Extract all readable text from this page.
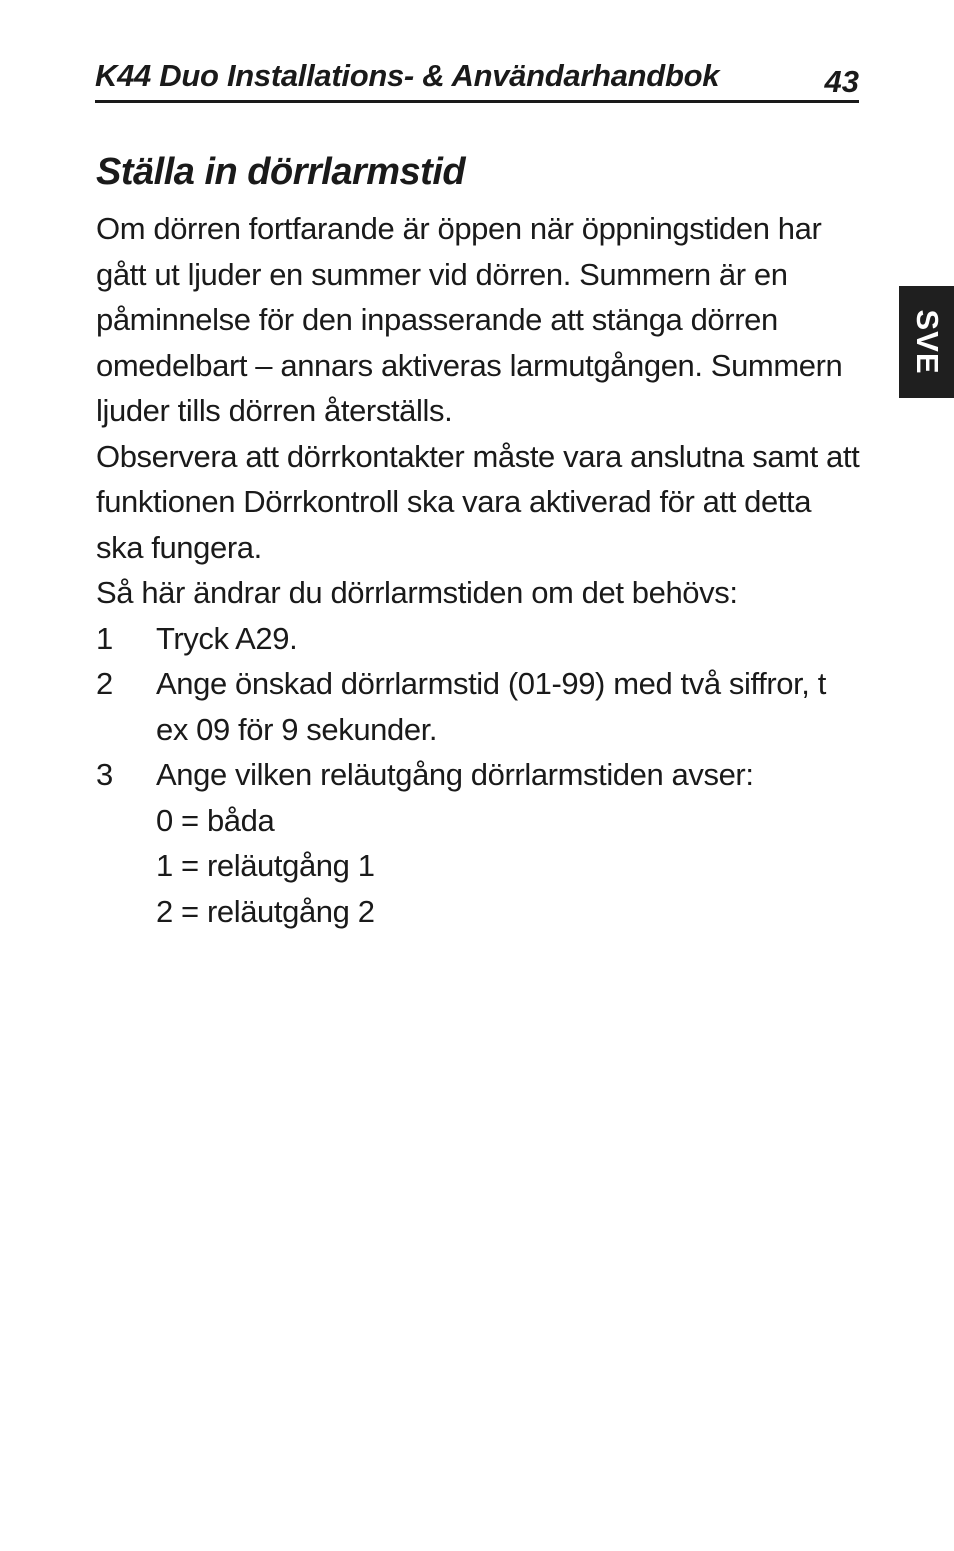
K44 Duo Installations- & Användarhandbok	43
SVE
Ställa in dörrlarmstid

Om dörren fortfarande är öppen när öppningstiden har gått ut ljuder en summer vid dörren. Summern är en påminnelse för den inpasserande att stänga dörren omedelbart – annars aktiveras larmutgången. Summern ljuder tills dörren återställs.

Observera att dörrkontakter måste vara anslutna samt att funktionen Dörrkontroll ska vara aktiverad för att detta ska fungera.

Så här ändrar du dörrlarmstiden om det behövs:

1 Tryck A29.
2 Ange önskad dörrlarmstid (01-99) med två siffror, t ex 09 för 9 sekunder.
3 Ange vilken reläutgång dörrlarmstiden avser:
0 = båda
1 = reläutgång 1
2 = reläutgång 2
